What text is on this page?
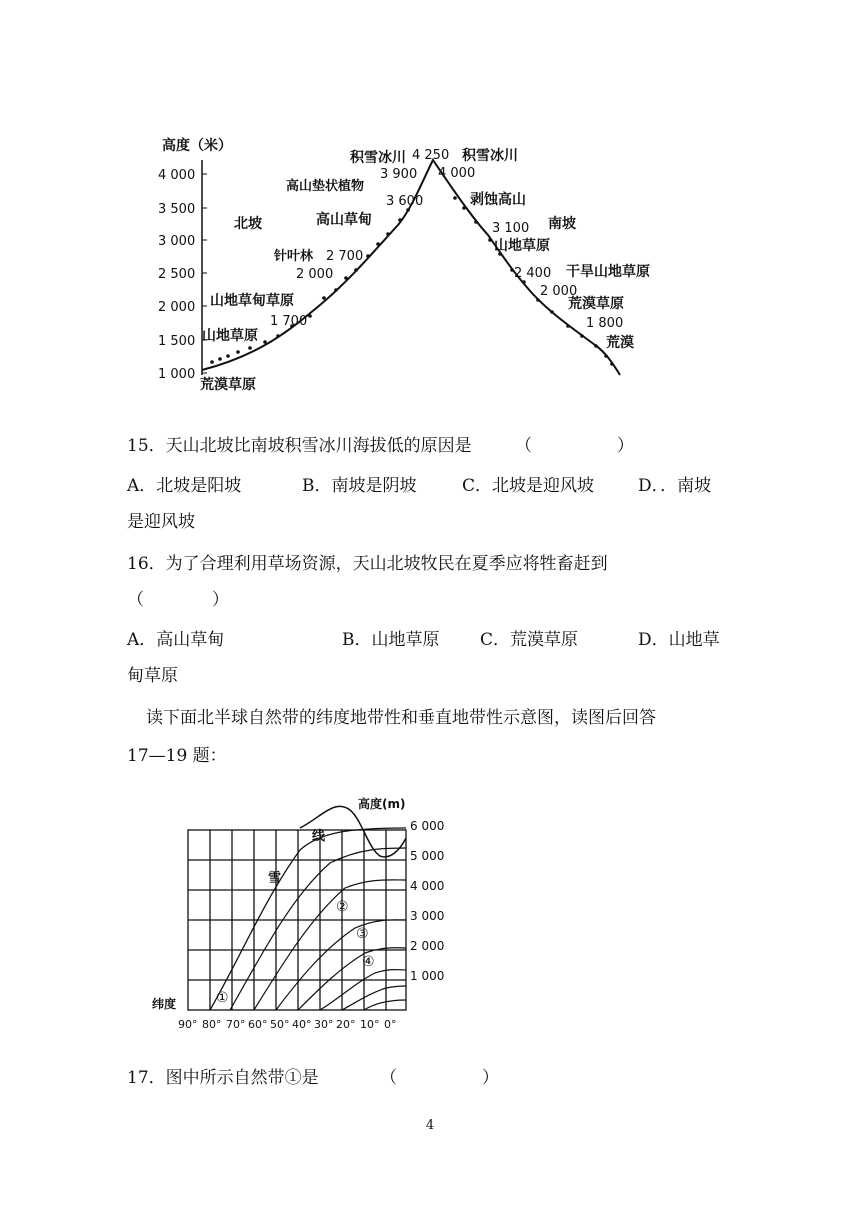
高度（米）
4 000
3 500
3 000
2 500
2 000
1 500
1 000
北坡	南坡
积雪冰川 4 250
高山垫状植物
3 900
3 600
高山草甸
针叶林 2 700
2 000
山地草甸草原
1 700
山地草原
荒漠草原
积雪冰川
4 000
剥蚀高山
3 100
山地草原
2 400 干旱山地草原
2 000
荒漠草原
1 800
荒漠
15．天山北坡比南坡积雪冰川海拔低的原因是	（　　　　　）
A．北坡是阳坡	B．南坡是阴坡	C．北坡是迎风坡	D．．南坡
是迎风坡
16．为了合理利用草场资源，天山北坡牧民在夏季应将牲畜赶到
（　　　　）
A．高山草甸	B．山地草原 C．荒漠草原	D．山地草
甸草原
读下面北半球自然带的纬度地带性和垂直地带性示意图，读图后回答
17—19 题：
高度(m)
线
雪
6 000
5 000
4 000
3 000
2 000
1 000
①
②
③
④
纬度
90° 80° 70° 60° 50° 40° 30° 20° 10° 0°
17．图中所示自然带①是	（　　　　　）
4
